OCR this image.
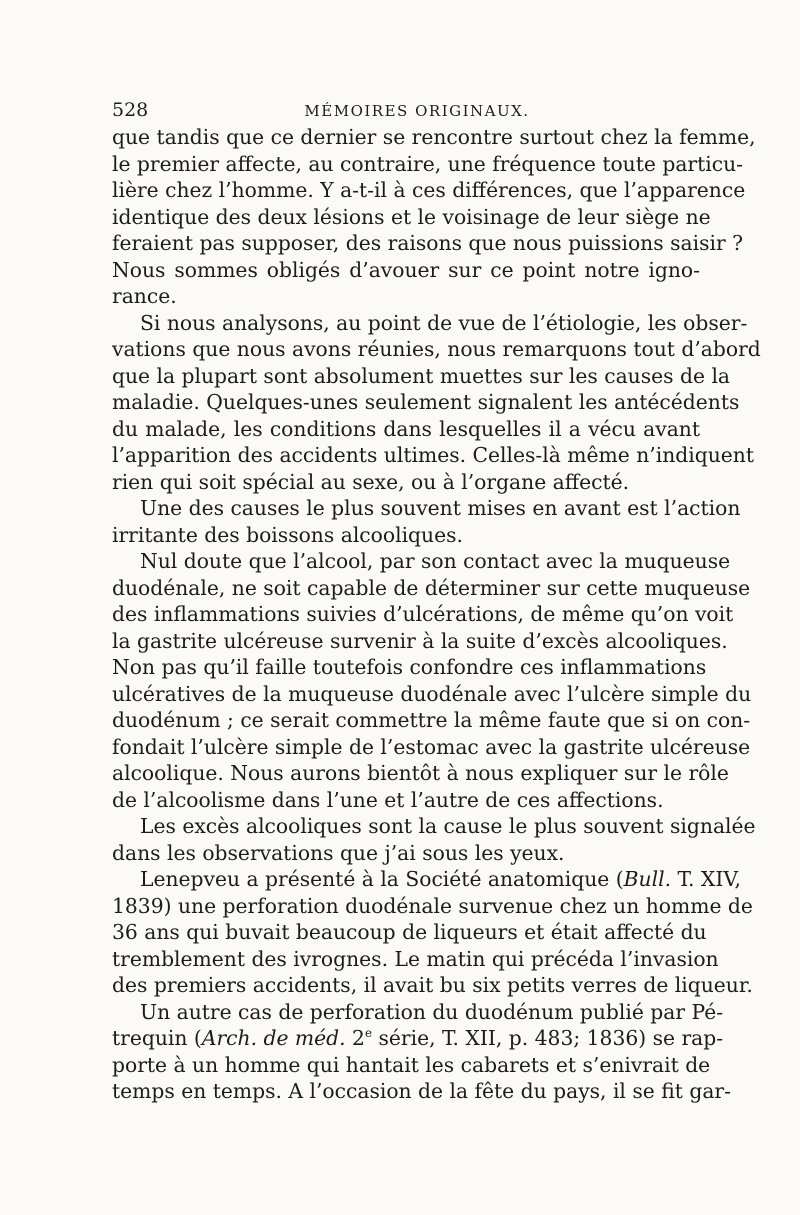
528	MÉMOIRES ORIGINAUX.
que tandis que ce dernier se rencontre surtout chez la femme,
le premier affecte, au contraire, une fréquence toute particu-
lière chez l’homme. Y a-t-il à ces différences, que l’apparence
identique des deux lésions et le voisinage de leur siège ne
feraient pas supposer, des raisons que nous puissions saisir ?
Nous sommes obligés d’avouer sur ce point notre igno-
rance.
Si nous analysons, au point de vue de l’étiologie, les obser-
vations que nous avons réunies, nous remarquons tout d’abord
que la plupart sont absolument muettes sur les causes de la
maladie. Quelques-unes seulement signalent les antécédents
du malade, les conditions dans lesquelles il a vécu avant
l’apparition des accidents ultimes. Celles-là même n’indiquent
rien qui soit spécial au sexe, ou à l’organe affecté.
Une des causes le plus souvent mises en avant est l’action
irritante des boissons alcooliques.
Nul doute que l’alcool, par son contact avec la muqueuse
duodénale, ne soit capable de déterminer sur cette muqueuse
des inflammations suivies d’ulcérations, de même qu’on voit
la gastrite ulcéreuse survenir à la suite d’excès alcooliques.
Non pas qu’il faille toutefois confondre ces inflammations
ulcératives de la muqueuse duodénale avec l’ulcère simple du
duodénum ; ce serait commettre la même faute que si on con-
fondait l’ulcère simple de l’estomac avec la gastrite ulcéreuse
alcoolique. Nous aurons bientôt à nous expliquer sur le rôle
de l’alcoolisme dans l’une et l’autre de ces affections.
Les excès alcooliques sont la cause le plus souvent signalée
dans les observations que j’ai sous les yeux.
Lenepveu a présenté à la Société anatomique (Bull. T. XIV,
1839) une perforation duodénale survenue chez un homme de
36 ans qui buvait beaucoup de liqueurs et était affecté du
tremblement des ivrognes. Le matin qui précéda l’invasion
des premiers accidents, il avait bu six petits verres de liqueur.
Un autre cas de perforation du duodénum publié par Pé-
trequin (Arch. de méd. 2e série, T. XII, p. 483; 1836) se rap-
porte à un homme qui hantait les cabarets et s’enivrait de
temps en temps. A l’occasion de la fête du pays, il se fit gar-
